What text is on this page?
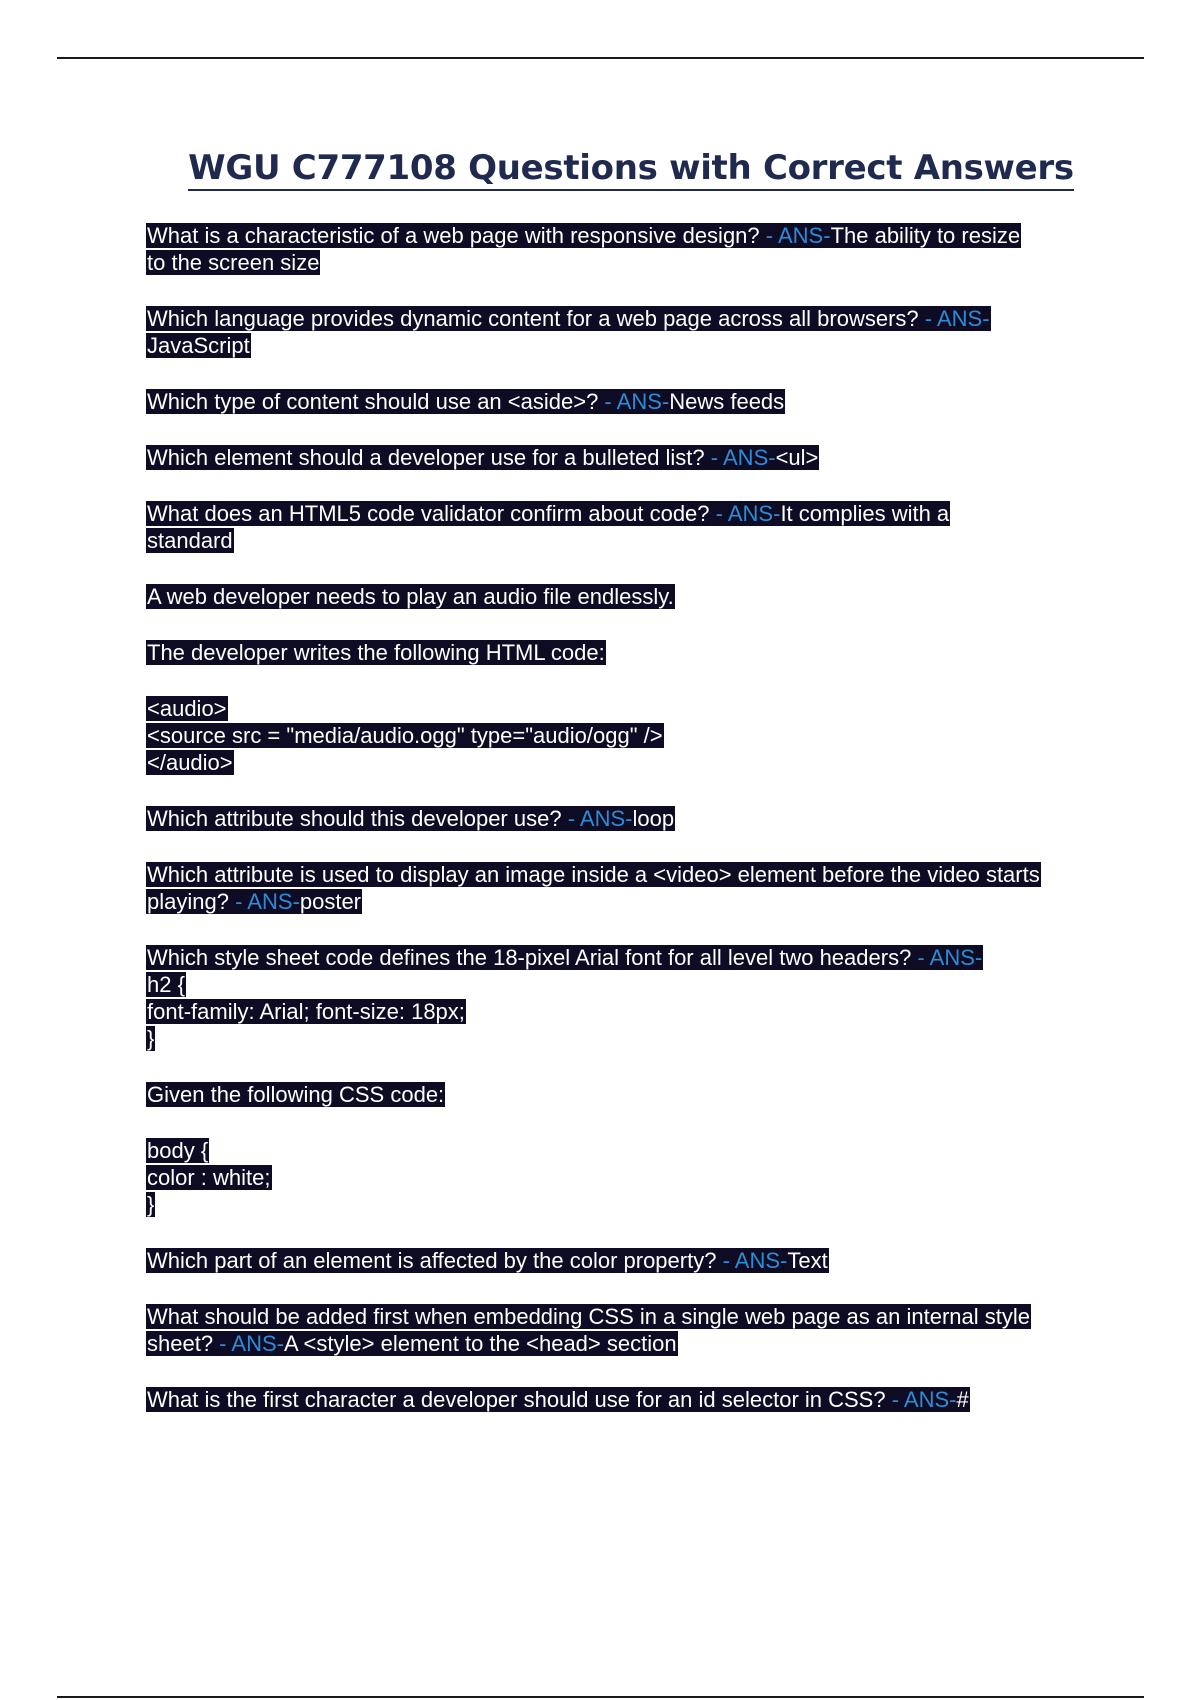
WGU C777108 Questions with Correct Answers

What is a characteristic of a web page with responsive design? - ANS-The ability to resize to the screen size

Which language provides dynamic content for a web page across all browsers? - ANS-JavaScript

Which type of content should use an <aside>? - ANS-News feeds

Which element should a developer use for a bulleted list? - ANS-<ul>

What does an HTML5 code validator confirm about code? - ANS-It complies with a standard

A web developer needs to play an audio file endlessly.

The developer writes the following HTML code:

<audio>
<source src = "media/audio.ogg" type="audio/ogg" />
</audio>

Which attribute should this developer use? - ANS-loop

Which attribute is used to display an image inside a <video> element before the video starts playing? - ANS-poster

Which style sheet code defines the 18-pixel Arial font for all level two headers? - ANS-
h2 {
font-family: Arial; font-size: 18px;
}

Given the following CSS code:

body {
color : white;
}

Which part of an element is affected by the color property? - ANS-Text

What should be added first when embedding CSS in a single web page as an internal style sheet? - ANS-A <style> element to the <head> section

What is the first character a developer should use for an id selector in CSS? - ANS-#
